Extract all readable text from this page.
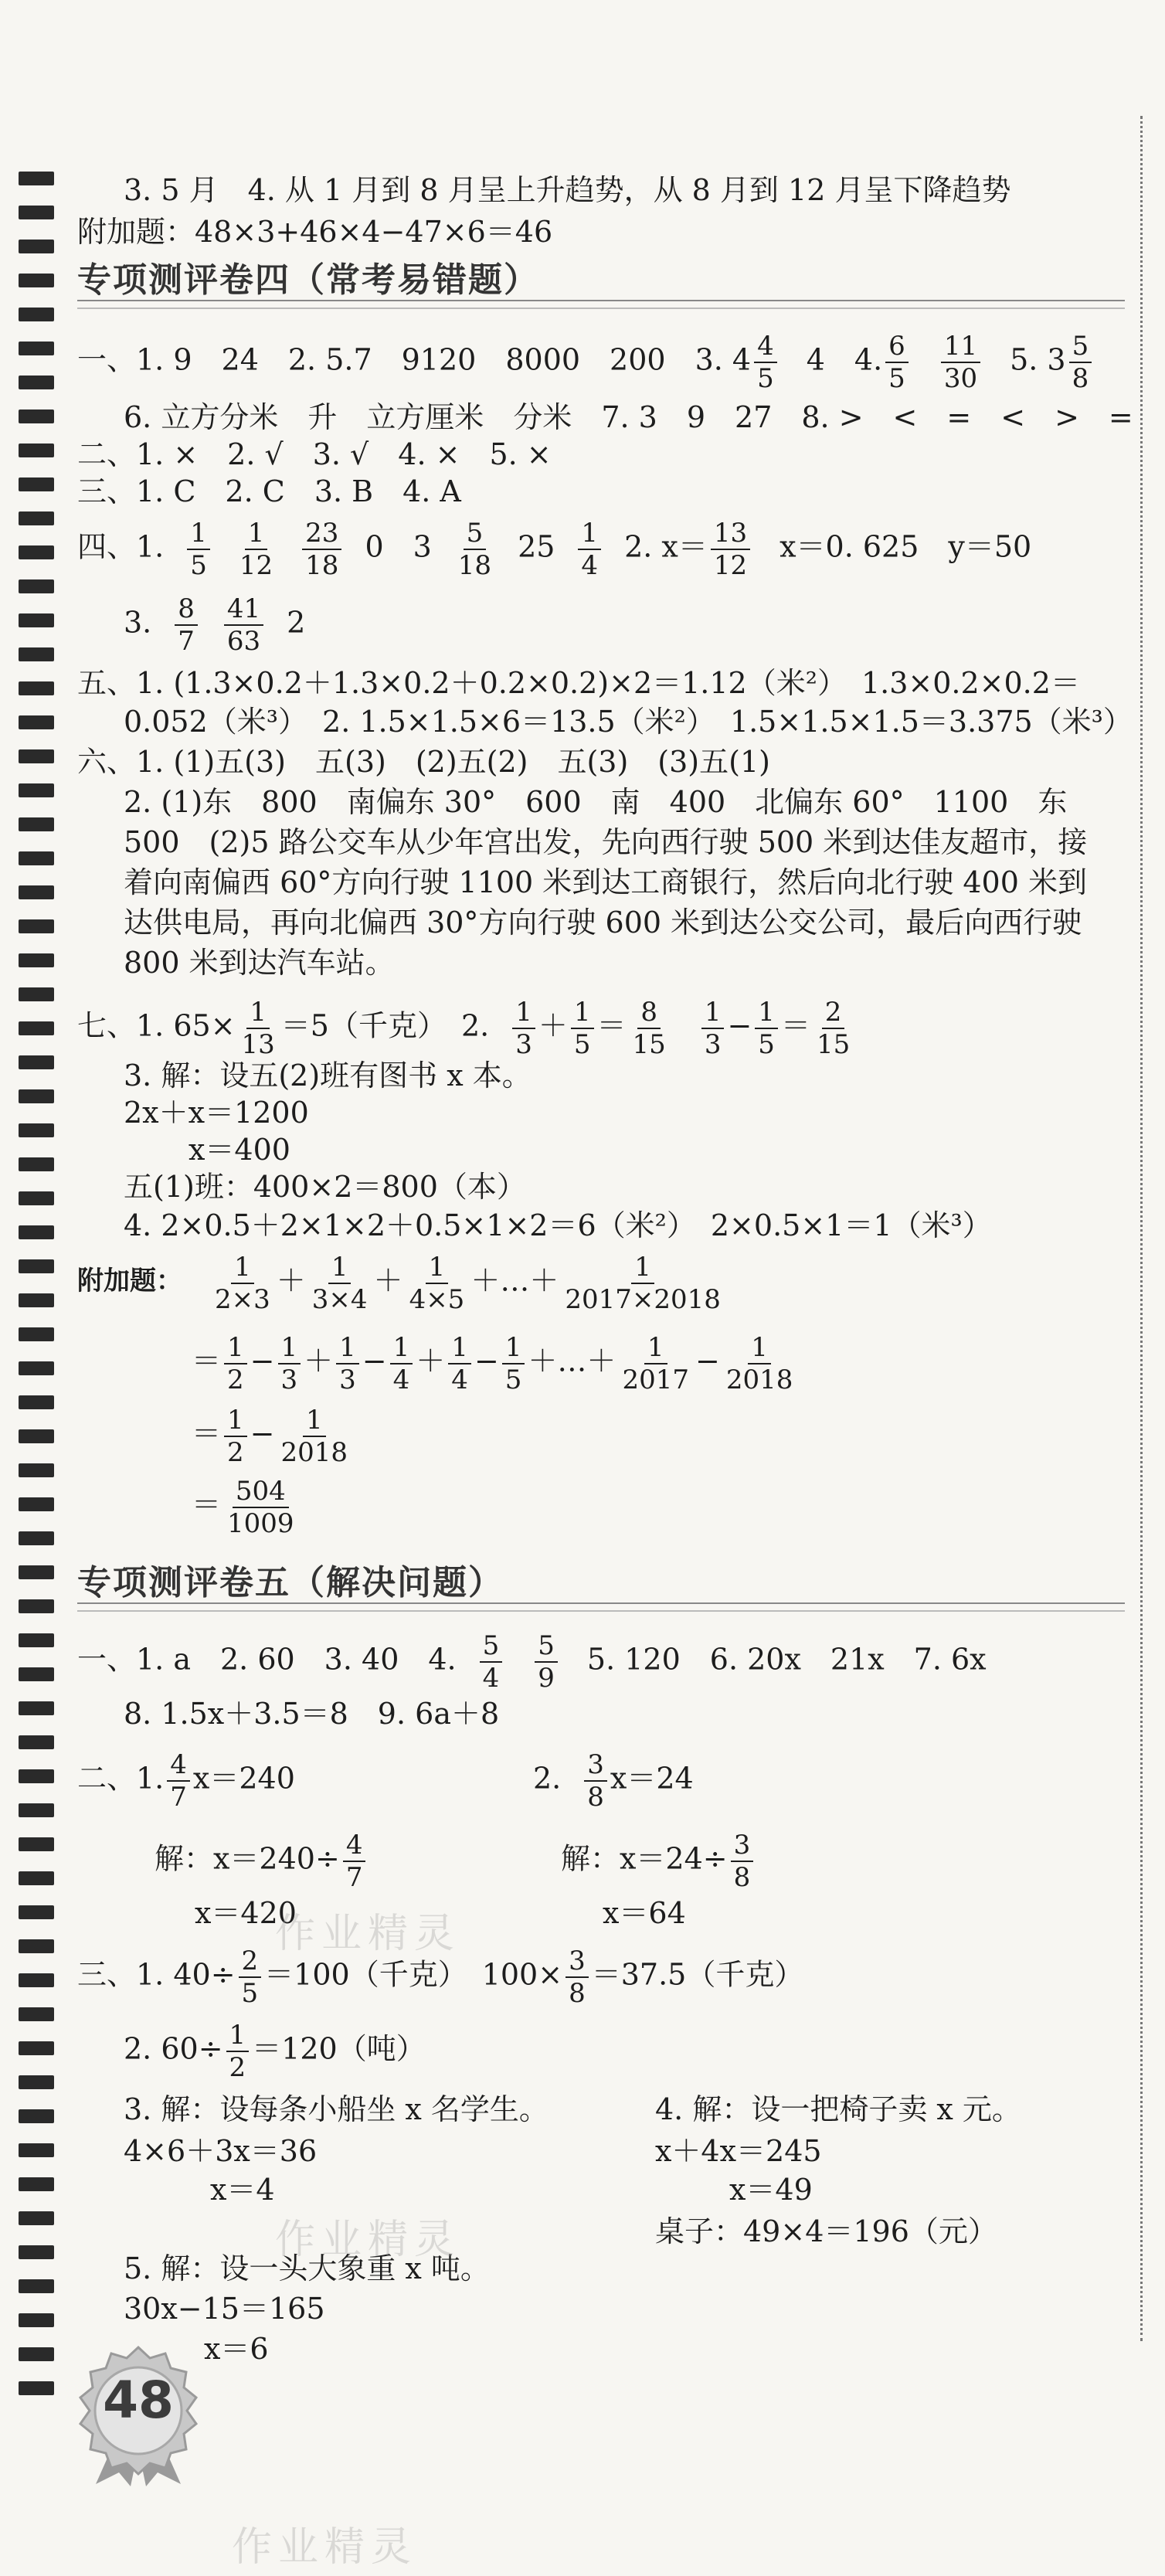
3. 5 月　4. 从 1 月到 8 月呈上升趋势，从 8 月到 12 月呈下降趋势
附加题：48×3+46×4−47×6＝46
专项测评卷四（常考易错题）
一、1. 9　24　2. 5.7　9120　8000　200　3. $4 \frac{4}{5} 4$　4. $\frac{6}{5} \frac{11}{30} 5$. $3 \frac{5}{8}$
6. 立方分米　升　立方厘米　分米　7. 3　9　27　8. >　<　=　<　>　=
二、1. ×　2. √　3. √　4. ×　5. ×
三、1. C　2. C　3. B　4. A
四、1. $\frac{1}{5} \frac{1}{12} \frac{23}{18} 0$　$3 \frac{5}{18} 25 \frac{1}{4} 2$. $x= \frac{13}{12} x=0$. 625　y＝50
3. $\frac{8}{7} \frac{41}{63} 2$
五、1. (1.3×0.2＋1.3×0.2＋0.2×0.2)×2＝1.12（米²）　1.3×0.2×0.2＝
0.052（米³）　2. 1.5×1.5×6＝13.5（米²）　1.5×1.5×1.5＝3.375（米³）
六、1. (1)五(3)　五(3)　(2)五(2)　五(3)　(3)五(1)
2. (1)东　800　南偏东 30°　600　南　400　北偏东 60°　1100　东
500　(2)5 路公交车从少年宫出发，先向西行驶 500 米到达佳友超市，接
着向南偏西 60°方向行驶 1100 米到达工商银行，然后向北行驶 400 米到
达供电局，再向北偏西 30°方向行驶 600 米到达公交公司，最后向西行驶
800 米到达汽车站。
七、1. $65\times \frac{1}{13} =5$（千克）　2. $\frac{1}{3} + \frac{1}{5} = \frac{8}{15} \frac{1}{3} - \frac{1}{5} = \frac{2}{15}$
3. 解：设五(2)班有图书 x 本。
2x＋x＝1200
x＝400
五(1)班：400×2＝800（本）
4. 2×0.5＋2×1×2＋0.5×1×2＝6（米²）　2×0.5×1＝1（米³）
附加题： $\frac{1}{2\times 3} + \frac{1}{3\times 4} + \frac{1}{4\times 5}$ ＋…＋ $\frac{1}{2017\times 2018}$
＝ $\frac{1}{2} - \frac{1}{3} + \frac{1}{3} - \frac{1}{4} + \frac{1}{4} - \frac{1}{5}$ ＋…＋ $\frac{1}{2017} - \frac{1}{2018}$
＝ $\frac{1}{2} - \frac{1}{2018}$
＝ $\frac{504}{1009}$
专项测评卷五（解决问题）
一、1. a　2. 60　3. 40　4. $\frac{5}{4} \frac{5}{9} 5$. 120　6. 20x　21x　7. 6x
8. 1.5x＋3.5＝8　9. 6a＋8
二、1. $\frac{4}{7} x=240$	2. $\frac{3}{8} x=24$
解：$x=240\div \frac{4}{7}$	解：$x=24\div \frac{3}{8}$
x＝420	x＝64
三、1. $40\div \frac{2}{5} =100$（千克）　$100\times \frac{3}{8} =37.5$（千克）
2. $60\div \frac{1}{2} =120$（吨）
3. 解：设每条小船坐 x 名学生。
4×6＋3x＝36
x＝4
4. 解：设一把椅子卖 x 元。
x＋4x＝245
x＝49
桌子：49×4＝196（元）
5. 解：设一头大象重 x 吨。
30x−15＝165
x＝6
作业精灵
作业精灵
作业精灵
48
